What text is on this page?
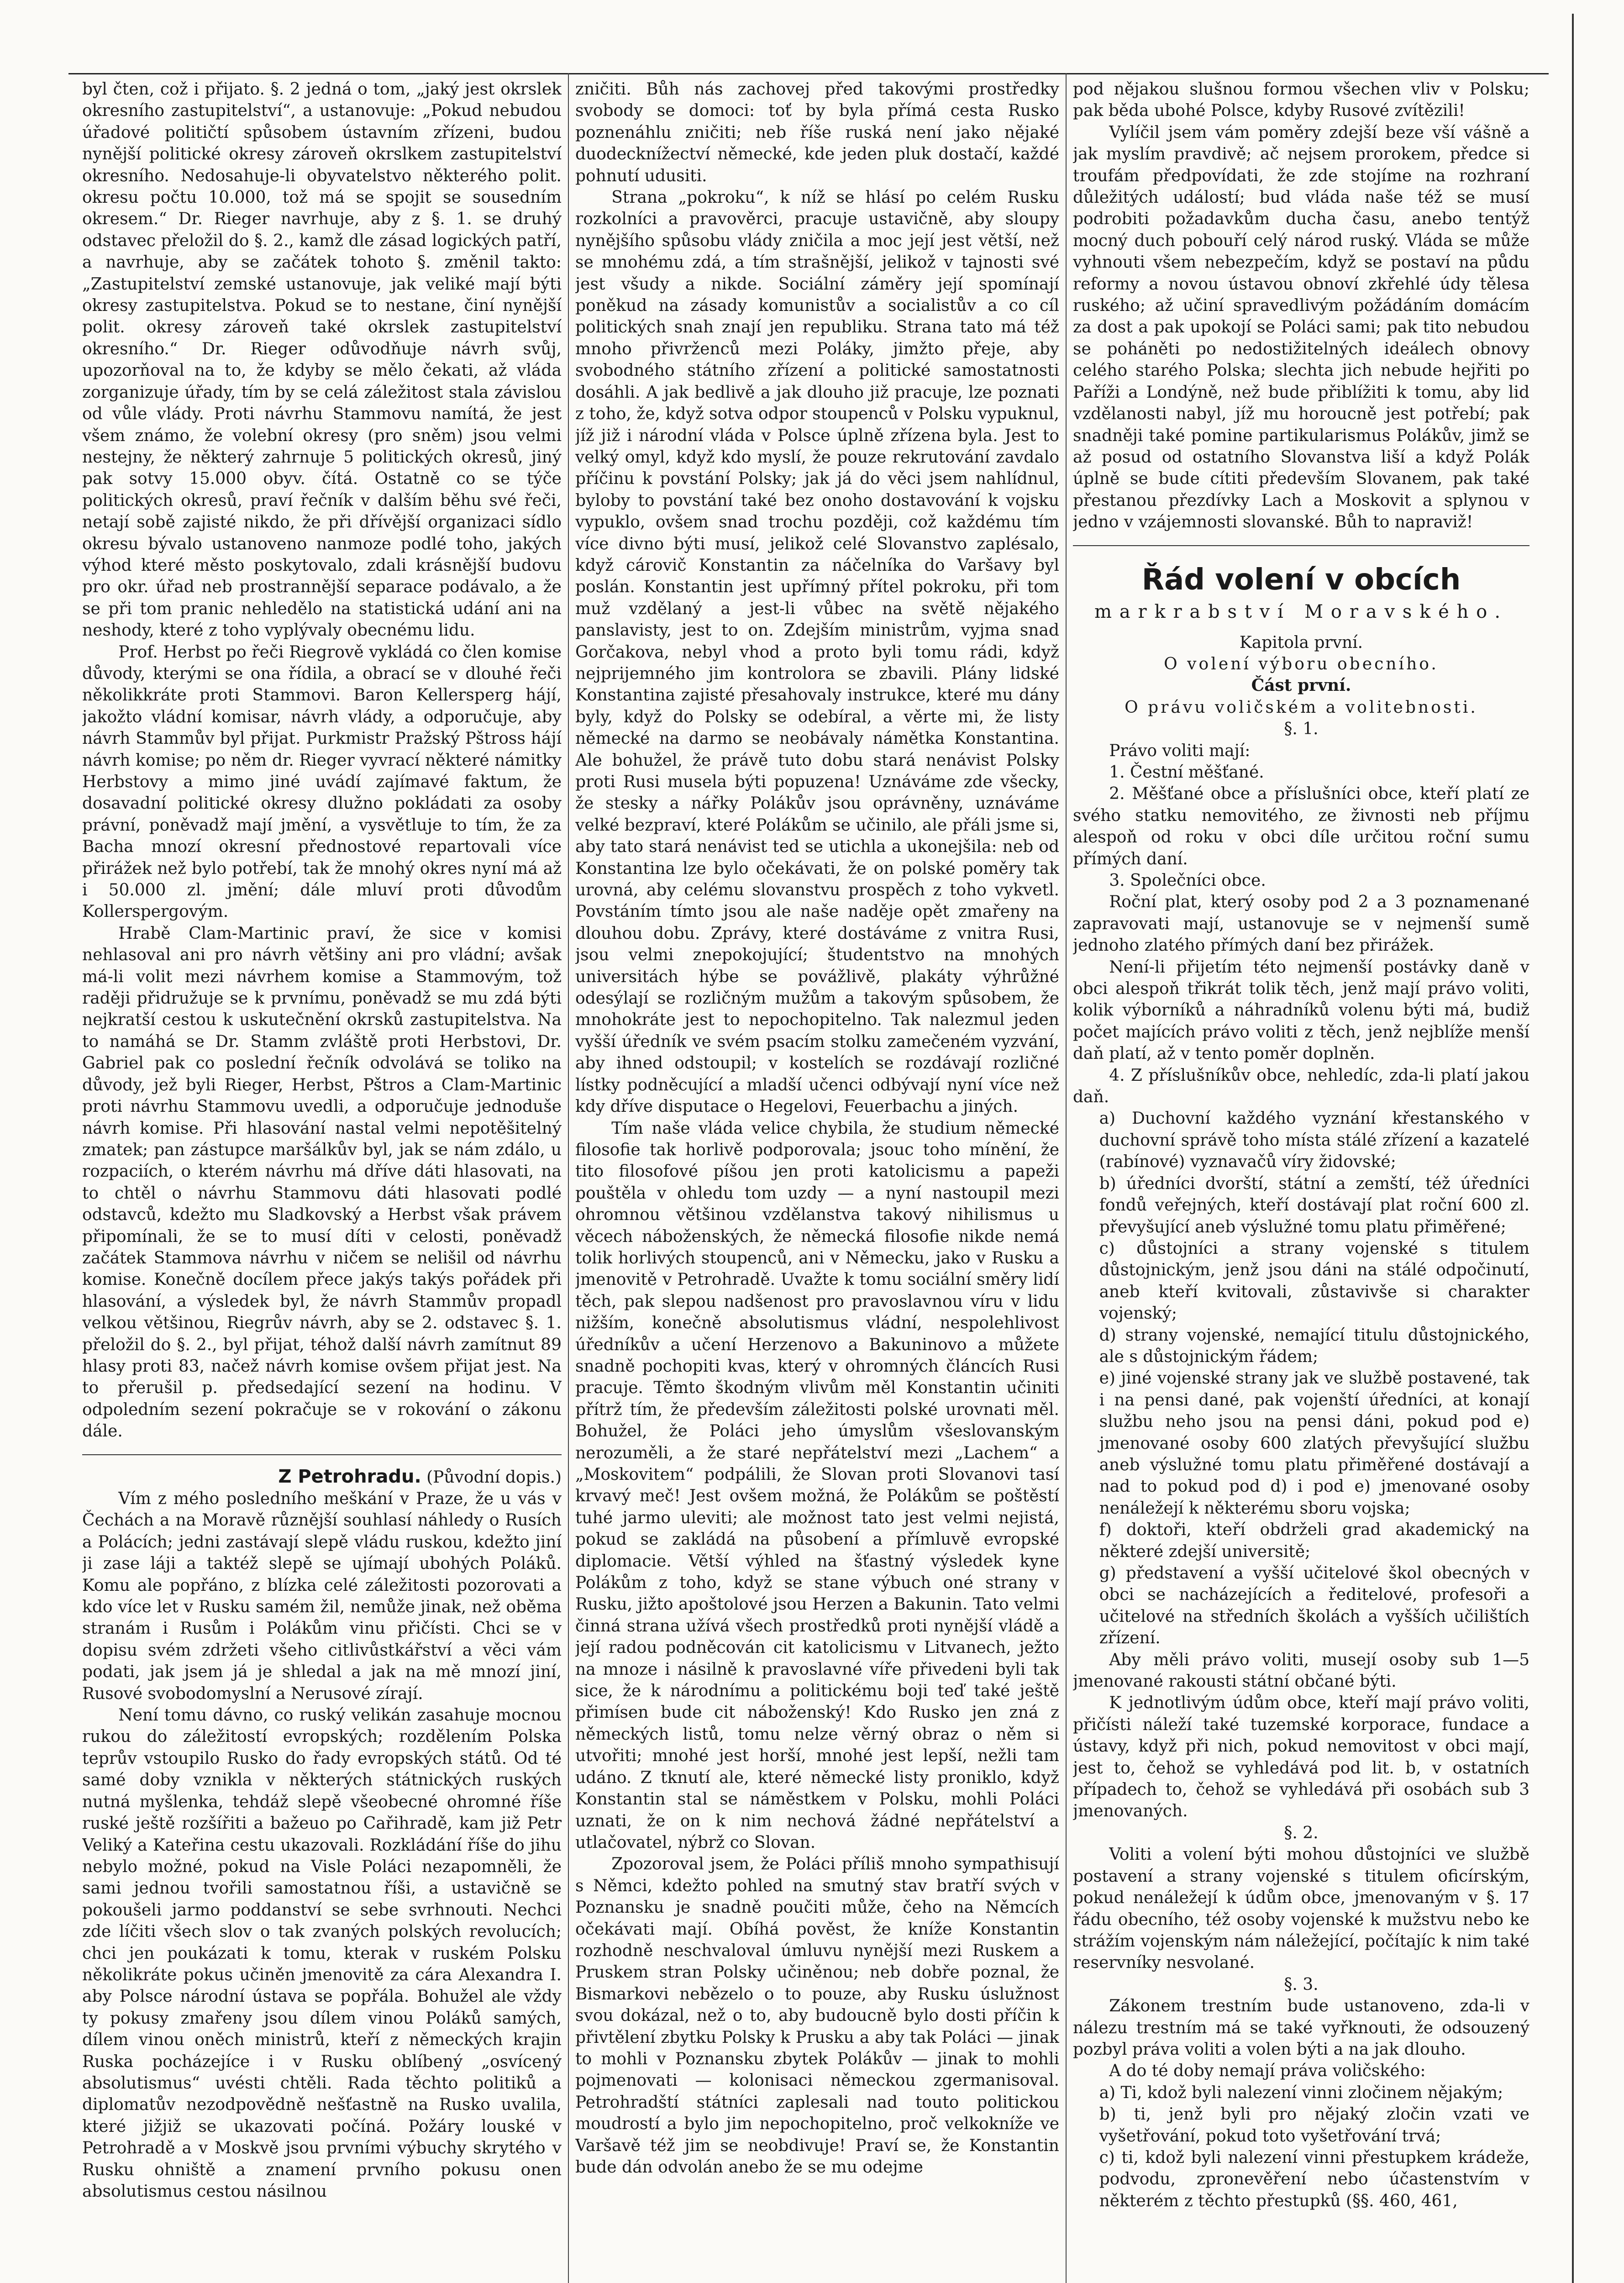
byl čten, což i přijato. §. 2 jedná o tom, „jaký jest okrslek okresního zastupitelství“, a ustanovuje: „Pokud nebudou úřadové političtí spůsobem ústavním zřízeni, budou nynější politické okresy zároveň okrslkem zastupitelství okresního. Nedosahuje-li obyvatelstvo některého polit. okresu počtu 10.000, tož má se spojit se sousedním okresem.“ Dr. Rieger navrhuje, aby z §. 1. se druhý odstavec přeložil do §. 2., kamž dle zásad logických patří, a navrhuje, aby se začátek tohoto §. změnil takto: „Zastupitelství zemské ustanovuje, jak veliké mají býti okresy zastupitelstva. Pokud se to nestane, činí nynější polit. okresy zároveň také okrslek zastupitelství okresního.“ Dr. Rieger odůvodňuje návrh svůj, upozorňoval na to, že kdyby se mělo čekati, až vláda zorganizuje úřady, tím by se celá záležitost stala závislou od vůle vlády. Proti návrhu Stammovu namítá, že jest všem známo, že volební okresy (pro sněm) jsou velmi nestejny, že některý zahrnuje 5 politických okresů, jiný pak sotvy 15.000 obyv. čítá. Ostatně co se týče politických okresů, praví řečník v dalším běhu své řeči, netají sobě zajisté nikdo, že při dřívější organizaci sídlo okresu bývalo ustanoveno nanmoze podlé toho, jakých výhod které město poskytovalo, zdali krásnější budovu pro okr. úřad neb prostrannější separace podávalo, a že se při tom pranic nehledělo na statistická udání ani na neshody, které z toho vyplývaly obecnému lidu.

Prof. Herbst po řeči Riegrově vykládá co člen komise důvody, kterými se ona řídila, a obrací se v dlouhé řeči několikkráte proti Stammovi. Baron Kellersperg hájí, jakožto vládní komisar, návrh vlády, a odporučuje, aby návrh Stammův byl přijat. Purkmistr Pražský Pštross hájí návrh komise; po něm dr. Rieger vyvrací některé námitky Herbstovy a mimo jiné uvádí zajímavé faktum, že dosavadní politické okresy dlužno pokládati za osoby právní, poněvadž mají jmění, a vysvětluje to tím, že za Bacha mnozí okresní přednostové repartovali více přirážek než bylo potřebí, tak že mnohý okres nyní má až i 50.000 zl. jmění; dále mluví proti důvodům Kollerspergovým.

Hrabě Clam-Martinic praví, že sice v komisi nehlasoval ani pro návrh většiny ani pro vládní; avšak má-li volit mezi návrhem komise a Stammovým, tož raději přidružuje se k prvnímu, poněvadž se mu zdá býti nejkratší cestou k uskutečnění okrsků zastupitelstva. Na to namáhá se Dr. Stamm zvláště proti Herbstovi, Dr. Gabriel pak co poslední řečník odvolává se toliko na důvody, jež byli Rieger, Herbst, Pštros a Clam-Martinic proti návrhu Stammovu uvedli, a odporučuje jednoduše návrh komise. Při hlasování nastal velmi nepotěšitelný zmatek; pan zástupce maršálkův byl, jak se nám zdálo, u rozpaciích, o kterém návrhu má dříve dáti hlasovati, na to chtěl o návrhu Stammovu dáti hlasovati podlé odstavců, kdežto mu Sladkovský a Herbst však právem připomínali, že se to musí díti v celosti, poněvadž začátek Stammova návrhu v ničem se nelišil od návrhu komise. Konečně docílem přece jakýs takýs pořádek při hlasování, a výsledek byl, že návrh Stammův propadl velkou většinou, Riegrův návrh, aby se 2. odstavec §. 1. přeložil do §. 2., byl přijat, téhož další návrh zamítnut 89 hlasy proti 83, načež návrh komise ovšem přijat jest. Na to přerušil p. předsedající sezení na hodinu. V odpoledním sezení pokračuje se v rokování o zákonu dále.

Z Petrohradu. (Původní dopis.)

Vím z mého posledního meškání v Praze, že u vás v Čechách a na Moravě různější souhlasí náhledy o Rusích a Polácích; jedni zastávají slepě vládu ruskou, kdežto jiní ji zase láji a taktéž slepě se ujímají ubohých Poláků. Komu ale popřáno, z blízka celé záležitosti pozorovati a kdo více let v Rusku samém žil, nemůže jinak, než oběma stranám i Rusům i Polákům vinu přičísti. Chci se v dopisu svém zdržeti všeho citlivůstkářství a věci vám podati, jak jsem já je shledal a jak na mě mnozí jiní, Rusové svobodomyslní a Nerusové zírají.

Není tomu dávno, co ruský velikán zasahuje mocnou rukou do záležitostí evropských; rozdělením Polska teprův vstoupilo Rusko do řady evropských států. Od té samé doby vznikla v některých státnických ruských nutná myšlenka, tehdáž slepě všeobecné ohromné říše ruské ještě rozšířiti a bažeuo po Cařihradě, kam již Petr Veliký a Kateřina cestu ukazovali. Rozkládání říše do jihu nebylo možné, pokud na Visle Poláci nezapomněli, že sami jednou tvořili samostatnou říši, a ustavičně se pokoušeli jarmo poddanství se sebe svrhnouti. Nechci zde líčiti všech slov o tak zvaných polských revolucích; chci jen poukázati k tomu, kterak v ruském Polsku několikráte pokus učiněn jmenovitě za cára Alexandra I. aby Polsce národní ústava se popřála. Bohužel ale vždy ty pokusy zmařeny jsou dílem vinou Poláků samých, dílem vinou oněch ministrů, kteří z německých krajin Ruska pocházejíce i v Rusku oblíbený „osvícený absolutismus“ uvésti chtěli. Rada těchto politiků a diplomatův nezodpovědně nešťastně na Rusko uvalila, které jižjiž se ukazovati počíná. Požáry louské v Petrohradě a v Moskvě jsou prvními výbuchy skrytého v Rusku ohniště a znamení prvního pokusu onen absolutismus cestou násilnou

zničiti. Bůh nás zachovej před takovými prostředky svobody se domoci: toť by byla přímá cesta Rusko poznenáhlu zničiti; neb říše ruská není jako nějaké duodecknížectví německé, kde jeden pluk dostačí, každé pohnutí udusiti.

Strana „pokroku“, k níž se hlásí po celém Rusku rozkolníci a pravověrci, pracuje ustavičně, aby sloupy nynějšího spůsobu vlády zničila a moc její jest větší, než se mnohému zdá, a tím strašnější, jelikož v tajnosti své jest všudy a nikde. Sociální záměry její spomínají poněkud na zásady komunistův a socialistův a co cíl politických snah znají jen republiku. Strana tato má též mnoho přivrženců mezi Poláky, jimžto přeje, aby svobodného státního zřízení a politické samostatnosti dosáhli. A jak bedlivě a jak dlouho již pracuje, lze poznati z toho, že, když sotva odpor stoupenců v Polsku vypuknul, jíž již i národní vláda v Polsce úplně zřízena byla. Jest to velký omyl, když kdo myslí, že pouze rekrutování zavdalo příčinu k povstání Polsky; jak já do věci jsem nahlídnul, byloby to povstání také bez onoho dostavování k vojsku vypuklo, ovšem snad trochu později, což každému tím více divno býti musí, jelikož celé Slovanstvo zaplésalo, když cárovič Konstantin za náčelníka do Varšavy byl poslán. Konstantin jest upřímný přítel pokroku, při tom muž vzdělaný a jest-li vůbec na světě nějakého panslavisty, jest to on. Zdejším ministrům, vyjma snad Gorčakova, nebyl vhod a proto byli tomu rádi, když nejprijemného jim kontrolora se zbavili. Plány lidské Konstantina zajisté přesahovaly instrukce, které mu dány byly, když do Polsky se odebíral, a věrte mi, že listy německé na darmo se neobávaly námětka Konstantina. Ale bohužel, že právě tuto dobu stará nenávist Polsky proti Rusi musela býti popuzena! Uznáváme zde všecky, že stesky a nářky Polákův jsou oprávněny, uznáváme velké bezpraví, které Polákům se učinilo, ale přáli jsme si, aby tato stará nenávist ted se utichla a ukonejšila: neb od Konstantina lze bylo očekávati, že on polské poměry tak urovná, aby celému slovanstvu prospěch z toho vykvetl. Povstáním tímto jsou ale naše naděje opět zmařeny na dlouhou dobu. Zprávy, které dostáváme z vnitra Rusi, jsou velmi znepokojující; študentstvo na mnohých universitách hýbe se povážlivě, plakáty výhrůžné odesýlají se rozličným mužům a takovým spůsobem, že mnohokráte jest to nepochopitelno. Tak nalezmul jeden vyšší úředník ve svém psacím stolku zamečeném vyzvání, aby ihned odstoupil; v kostelích se rozdávají rozličné lístky podněcující a mladší učenci odbývají nyní více než kdy dříve disputace o Hegelovi, Feuerbachu a jiných.

Tím naše vláda velice chybila, že studium německé filosofie tak horlivě podporovala; jsouc toho mínění, že tito filosofové píšou jen proti katolicismu a papeži pouštěla v ohledu tom uzdy — a nyní nastoupil mezi ohromnou většinou vzdělanstva takový nihilismus u věcech náboženských, že německá filosofie nikde nemá tolik horlivých stoupenců, ani v Německu, jako v Rusku a jmenovitě v Petrohradě. Uvažte k tomu sociální směry lidí těch, pak slepou nadšenost pro pravoslavnou víru v lidu nižším, konečně absolutismus vládní, nespolehlivost úředníkův a učení Herzenovo a Bakuninovo a můžete snadně pochopiti kvas, který v ohromných článcích Rusi pracuje. Těmto škodným vlivům měl Konstantin učiniti přítrž tím, že především záležitosti polské urovnati měl. Bohužel, že Poláci jeho úmyslům všeslovanským nerozuměli, a že staré nepřátelství mezi „Lachem“ a „Moskovitem“ podpálili, že Slovan proti Slovanovi tasí krvavý meč! Jest ovšem možná, že Polákům se poštěstí tuhé jarmo uleviti; ale možnost tato jest velmi nejistá, pokud se zakládá na působení a přímluvě evropské diplomacie. Větší výhled na šťastný výsledek kyne Polákům z toho, když se stane výbuch oné strany v Rusku, jižto apoštolové jsou Herzen a Bakunin. Tato velmi činná strana užívá všech prostředků proti nynější vládě a její radou podněcován cit katolicismu v Litvanech, ježto na mnoze i násilně k pravoslavné víře přivedeni byli tak sice, že k národnímu a politickému boji teď také ještě přimísen bude cit náboženský! Kdo Rusko jen zná z německých listů, tomu nelze věrný obraz o něm si utvořiti; mnohé jest horší, mnohé jest lepší, nežli tam udáno. Z tknutí ale, které německé listy proniklo, když Konstantin stal se náměstkem v Polsku, mohli Poláci uznati, že on k nim nechová žádné nepřátelství a utlačovatel, nýbrž co Slovan.

Zpozoroval jsem, že Poláci příliš mnoho sympathisují s Němci, kdežto pohled na smutný stav bratří svých v Poznansku je snadně poučiti může, čeho na Němcích očekávati mají. Obíhá pověst, že kníže Konstantin rozhodně neschvaloval úmluvu nynější mezi Ruskem a Pruskem stran Polsky učiněnou; neb dobře poznal, že Bismarkovi nebězelo o to pouze, aby Rusku úslužnost svou dokázal, než o to, aby budoucně bylo dosti příčin k přivtělení zbytku Polsky k Prusku a aby tak Poláci — jinak to mohli v Poznansku zbytek Polákův — jinak to mohli pojmenovati — kolonisaci německou zgermanisoval. Petrohradští státníci zaplesali nad touto politickou moudrostí a bylo jim nepochopitelno, proč velkokníže ve Varšavě též jim se neobdivuje! Praví se, že Konstantin bude dán odvolán anebo že se mu odejme

pod nějakou slušnou formou všechen vliv v Polsku; pak běda ubohé Polsce, kdyby Rusové zvítězili!

Vylíčil jsem vám poměry zdejší beze vší vášně a jak myslím pravdivě; ač nejsem prorokem, předce si troufám předpovídati, že zde stojíme na rozhraní důležitých událostí; bud vláda naše též se musí podrobiti požadavkům ducha času, anebo tentýž mocný duch pobouří celý národ ruský. Vláda se může vyhnouti všem nebezpečím, když se postaví na půdu reformy a novou ústavou obnoví zkřehlé údy tělesa ruského; až učiní spravedlivým požádáním domácím za dost a pak upokojí se Poláci sami; pak tito nebudou se poháněti po nedostižitelných ideálech obnovy celého starého Polska; slechta jich nebude hejřiti po Paříži a Londýně, než bude přiblížiti k tomu, aby lid vzdělanosti nabyl, jíž mu horoucně jest potřebí; pak snadněji také pomine partikularismus Polákův, jimž se až posud od ostatního Slovanstva liší a když Polák úplně se bude cítiti především Slovanem, pak také přestanou přezdívky Lach a Moskovit a splynou v jedno v vzájemnosti slovanské. Bůh to napraviž!

Řád volení v obcích
markrabství Moravského.

Kapitola první.

O volení výboru obecního.

Část první.

O právu voličském a volitebnosti.

§. 1.

Právo voliti mají:

1. Čestní měšťané.

2. Měšťané obce a příslušníci obce, kteří platí ze svého statku nemovitého, ze živnosti neb příjmu alespoň od roku v obci díle určitou roční sumu přímých daní.

3. Společníci obce.

Roční plat, který osoby pod 2 a 3 poznamenané zapravovati mají, ustanovuje se v nejmenší sumě jednoho zlatého přímých daní bez přirážek.

Není-li přijetím této nejmenší postávky daně v obci alespoň třikrát tolik těch, jenž mají právo voliti, kolik výborníků a náhradníků volenu býti má, budiž počet majících právo voliti z těch, jenž nejblíže menší daň platí, až v tento poměr doplněn.

4. Z příslušníkův obce, nehledíc, zda-li platí jakou daň.

a) Duchovní každého vyznání křestanského v duchovní správě toho místa stálé zřízení a kazatelé (rabínové) vyznavačů víry židovské;

b) úředníci dvorští, státní a zemští, též úředníci fondů veřejných, kteří dostávají plat roční 600 zl. převyšující aneb výslužné tomu platu přiměřené;

c) důstojníci a strany vojenské s titulem důstojnickým, jenž jsou dáni na stálé odpočinutí, aneb kteří kvitovali, zůstavivše si charakter vojenský;

d) strany vojenské, nemající titulu důstojnického, ale s důstojnickým řádem;

e) jiné vojenské strany jak ve službě postavené, tak i na pensi dané, pak vojenští úředníci, at konají službu neho jsou na pensi dáni, pokud pod e) jmenované osoby 600 zlatých převyšující službu aneb výslužné tomu platu přiměřené dostávají a nad to pokud pod d) i pod e) jmenované osoby nenáležejí k některému sboru vojska;

f) doktoři, kteří obdrželi grad akademický na některé zdejší universitě;

g) představení a vyšší učitelové škol obecných v obci se nacházejících a ředitelové, profesoři a učitelové na středních školách a vyšších učilištích zřízení.

Aby měli právo voliti, musejí osoby sub 1—5 jmenované rakousti státní občané býti.

K jednotlivým údům obce, kteří mají právo voliti, přičísti náleží také tuzemské korporace, fundace a ústavy, když při nich, pokud nemovitost v obci mají, jest to, čehož se vyhledává pod lit. b, v ostatních případech to, čehož se vyhledává při osobách sub 3 jmenovaných.

§. 2.

Voliti a volení býti mohou důstojníci ve službě postavení a strany vojenské s titulem oficírským, pokud nenáležejí k údům obce, jmenovaným v §. 17 řádu obecního, též osoby vojenské k mužstvu nebo ke strážím vojenským nám náležející, počítajíc k nim také reservníky nesvolané.

§. 3.

Zákonem trestním bude ustanoveno, zda-li v nálezu trestním má se také vyřknouti, že odsouzený pozbyl práva voliti a volen býti a na jak dlouho.

A do té doby nemají práva voličského:

a) Ti, kdož byli nalezení vinni zločinem nějakým;

b) ti, jenž byli pro nějaký zločin vzati ve vyšetřování, pokud toto vyšetřování trvá;

c) ti, kdož byli nalezení vinni přestupkem krádeže, podvodu, zpronevěření nebo účastenstvím v některém z těchto přestupků (§§. 460, 461,
